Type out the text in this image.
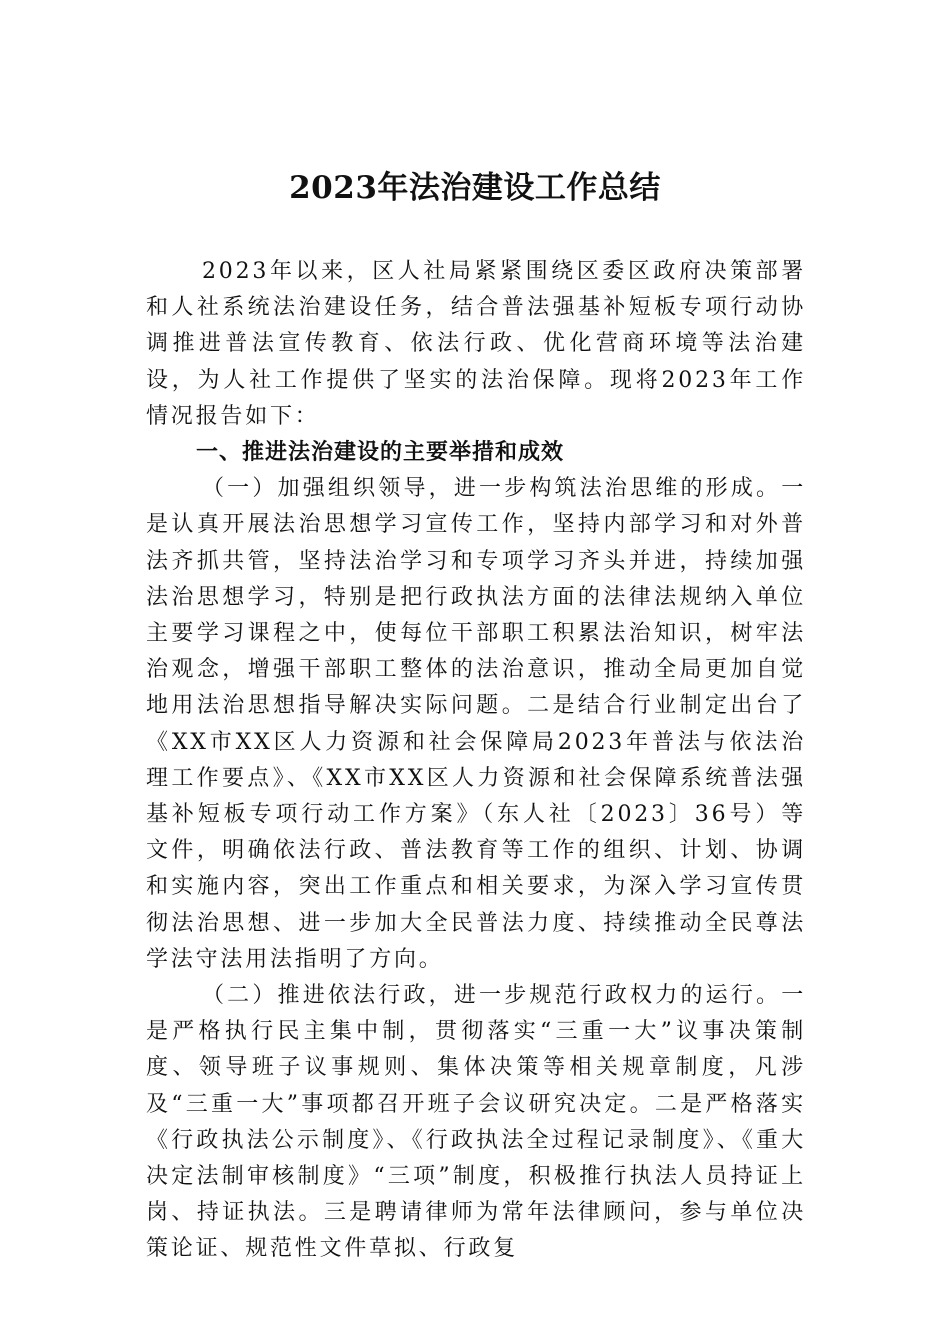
2023年法治建设工作总结

2023年以来，区人社局紧紧围绕区委区政府决策部署和人社系统法治建设任务，结合普法强基补短板专项行动协调推进普法宣传教育、依法行政、优化营商环境等法治建设，为人社工作提供了坚实的法治保障。现将2023年工作情况报告如下：

一、推进法治建设的主要举措和成效

（一）加强组织领导，进一步构筑法治思维的形成。一是认真开展法治思想学习宣传工作，坚持内部学习和对外普法齐抓共管，坚持法治学习和专项学习齐头并进，持续加强法治思想学习，特别是把行政执法方面的法律法规纳入单位主要学习课程之中，使每位干部职工积累法治知识，树牢法治观念，增强干部职工整体的法治意识，推动全局更加自觉地用法治思想指导解决实际问题。二是结合行业制定出台了《XX市XX区人力资源和社会保障局2023年普法与依法治理工作要点》、《XX市XX区人力资源和社会保障系统普法强基补短板专项行动工作方案》（东人社〔2023〕36号）等文件，明确依法行政、普法教育等工作的组织、计划、协调和实施内容，突出工作重点和相关要求，为深入学习宣传贯彻法治思想、进一步加大全民普法力度、持续推动全民尊法学法守法用法指明了方向。

（二）推进依法行政，进一步规范行政权力的运行。一是严格执行民主集中制，贯彻落实“三重一大”议事决策制度、领导班子议事规则、集体决策等相关规章制度，凡涉及“三重一大”事项都召开班子会议研究决定。二是严格落实《行政执法公示制度》、《行政执法全过程记录制度》、《重大决定法制审核制度》“三项”制度，积极推行执法人员持证上岗、持证执法。三是聘请律师为常年法律顾问，参与单位决策论证、规范性文件草拟、行政复
